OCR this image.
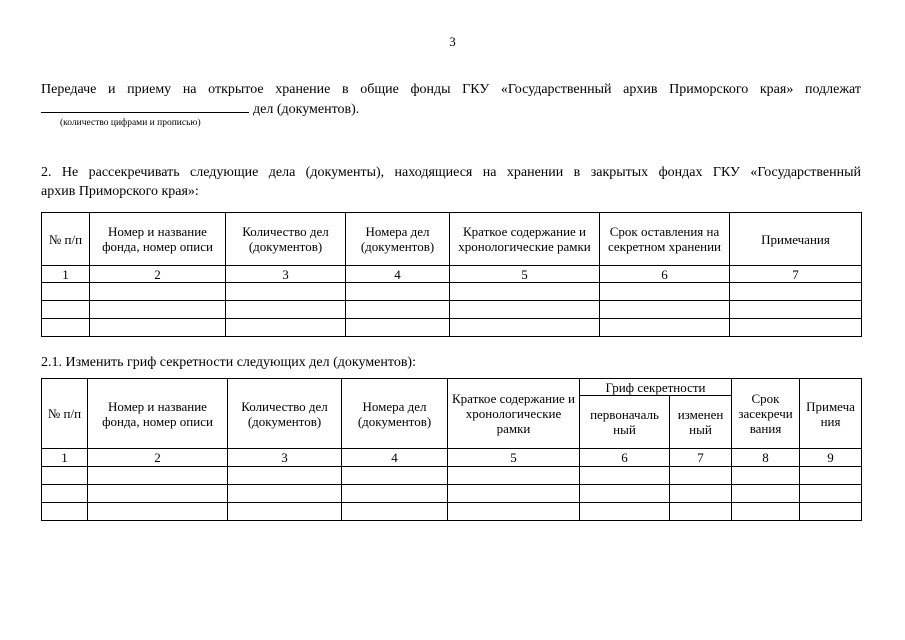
3
Передаче и приему на открытое хранение в общие фонды ГКУ «Государственный архив Приморского края» подлежат
дел (документов).
(количество цифрами и прописью)
2. Не рассекречивать следующие дела (документы), находящиеся на хранении в закрытых фондах ГКУ «Государственный
архив Приморского края»:
№ п/п	Номер и название фонда, номер описи	Количество дел (документов)	Номера дел (документов)	Краткое содержание и хронологические рамки	Срок оставления на секретном хранении	Примечания
1	2	3	4	5	6	7

2.1. Изменить гриф секретности следующих дел (документов):
№ п/п	Номер и название фонда, номер описи	Количество дел (документов)	Номера дел (документов)	Краткое содержание и хронологические рамки	Гриф секретности		Срок засекречи вания	Примеча ния
					первоначаль ный	изменен ный		
1	2	3	4	5	6	7	8	9
